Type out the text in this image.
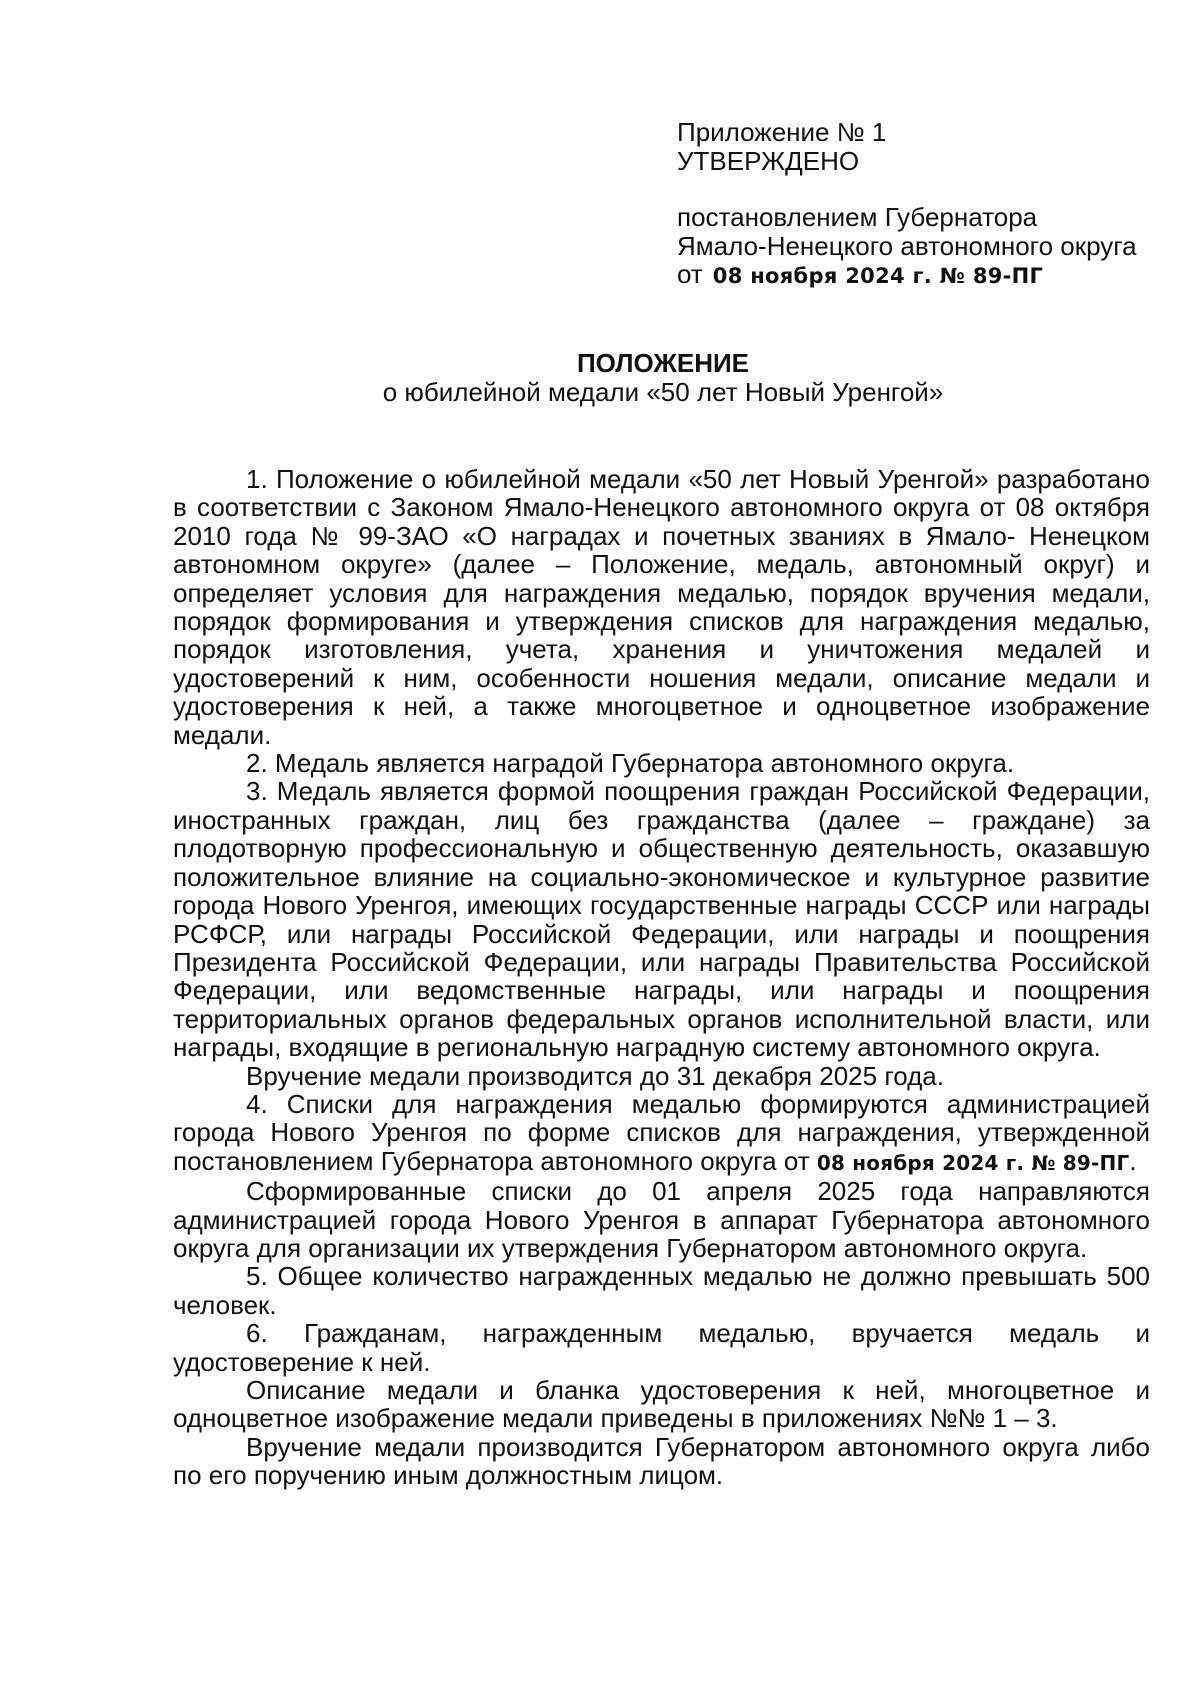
Приложение № 1
УТВЕРЖДЕНО
постановлением Губернатора
Ямало-Ненецкого автономного округа
от 08 ноября 2024 г. № 89-ПГ
ПОЛОЖЕНИЕ
о юбилейной медали «50 лет Новый Уренгой»

1. Положение о юбилейной медали «50 лет Новый Уренгой» разработано в соответствии с Законом Ямало-Ненецкого автономного округа от 08 октября 2010 года № 99-ЗАО «О наградах и почетных званиях в Ямало- Ненецком автономном округе» (далее – Положение, медаль, автономный округ) и определяет условия для награждения медалью, порядок вручения медали, порядок формирования и утверждения списков для награждения медалью, порядок изготовления, учета, хранения и уничтожения медалей и удостоверений к ним, особенности ношения медали, описание медали и удостоверения к ней, а также многоцветное и одноцветное изображение медали.

2. Медаль является наградой Губернатора автономного округа.

3. Медаль является формой поощрения граждан Российской Федерации, иностранных граждан, лиц без гражданства (далее – граждане) за плодотворную профессиональную и общественную деятельность, оказавшую положительное влияние на социально-экономическое и культурное развитие города Нового Уренгоя, имеющих государственные награды СССР или награды РСФСР, или награды Российской Федерации, или награды и поощрения Президента Российской Федерации, или награды Правительства Российской Федерации, или ведомственные награды, или награды и поощрения территориальных органов федеральных органов исполнительной власти, или награды, входящие в региональную наградную систему автономного округа.

Вручение медали производится до 31 декабря 2025 года.

4. Списки для награждения медалью формируются администрацией города Нового Уренгоя по форме списков для награждения, утвержденной постановлением Губернатора автономного округа от 08 ноября 2024 г. № 89-ПГ.

Сформированные списки до 01 апреля 2025 года направляются администрацией города Нового Уренгоя в аппарат Губернатора автономного округа для организации их утверждения Губернатором автономного округа.

5. Общее количество награжденных медалью не должно превышать 500 человек.

6. Гражданам, награжденным медалью, вручается медаль и удостоверение к ней.

Описание медали и бланка удостоверения к ней, многоцветное и одноцветное изображение медали приведены в приложениях №№ 1 – 3.

Вручение медали производится Губернатором автономного округа либо по его поручению иным должностным лицом.
